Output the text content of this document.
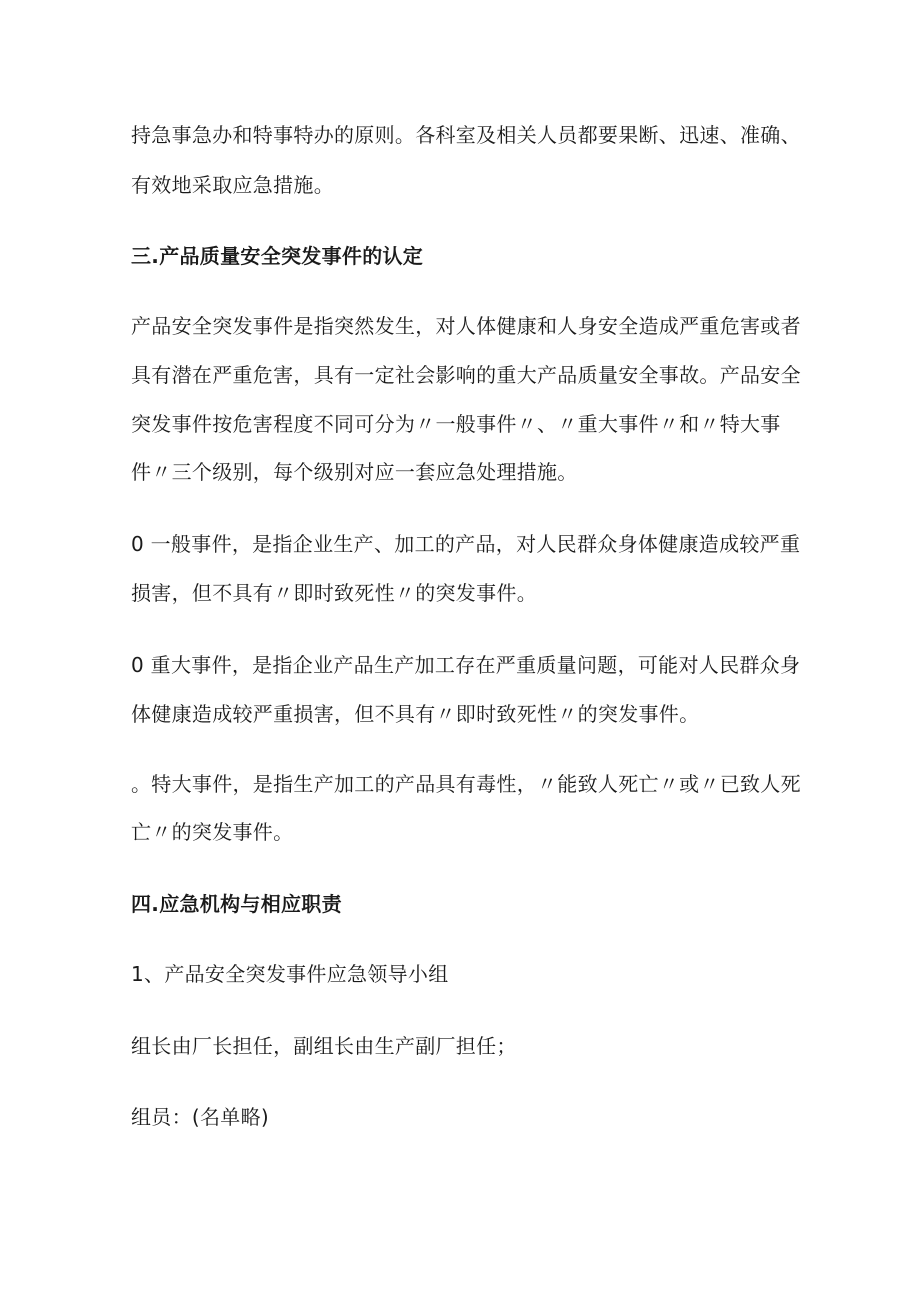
持急事急办和特事特办的原则。各科室及相关人员都要果断、迅速、准确、
有效地采取应急措施。
三.产品质量安全突发事件的认定
产品安全突发事件是指突然发生，对人体健康和人身安全造成严重危害或者
具有潜在严重危害，具有一定社会影响的重大产品质量安全事故。产品安全
突发事件按危害程度不同可分为〃一般事件〃、〃重大事件〃和〃特大事
件〃三个级别，每个级别对应一套应急处理措施。
0 一般事件，是指企业生产、加工的产品，对人民群众身体健康造成较严重
损害，但不具有〃即时致死性〃的突发事件。
0 重大事件，是指企业产品生产加工存在严重质量问题，可能对人民群众身
体健康造成较严重损害，但不具有〃即时致死性〃的突发事件。
。特大事件，是指生产加工的产品具有毒性，〃能致人死亡〃或〃已致人死
亡〃的突发事件。
四.应急机构与相应职责
1、产品安全突发事件应急领导小组
组长由厂长担任，副组长由生产副厂担任；
组员：(名单略)
